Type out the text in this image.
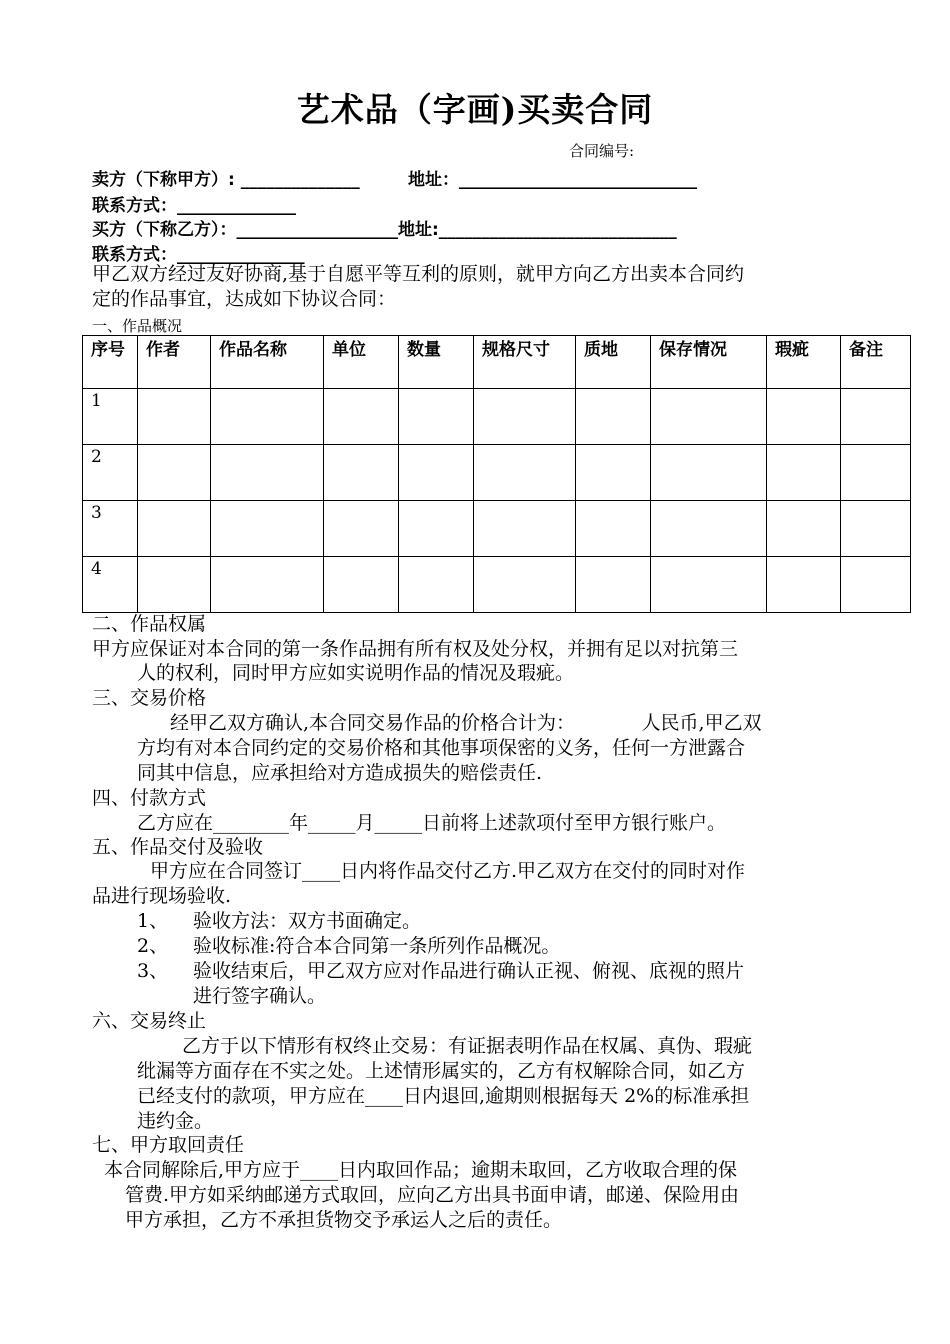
艺术品（字画)买卖合同
合同编号:
卖方（下称甲方）: ______________	地址：____________________________
联系方式：______________
买方（下称乙方）：___________________地址:____________________________
联系方式：_______________
甲乙双方经过友好协商,基于自愿平等互利的原则，就甲方向乙方出卖本合同约
定的作品事宜，达成如下协议合同：
一、作品概况
序号	作者	作品名称	单位	数量	规格尺寸	质地	保存情况	瑕疵	备注
1									
2									
3									
4									
二、作品权属
甲方应保证对本合同的第一条作品拥有所有权及处分权，并拥有足以对抗第三
人的权利，同时甲方应如实说明作品的情况及瑕疵。
三、交易价格
经甲乙双方确认,本合同交易作品的价格合计为：　　　　人民币,甲乙双
方均有对本合同约定的交易价格和其他事项保密的义务，任何一方泄露合
同其中信息，应承担给对方造成损失的赔偿责任.
四、付款方式
乙方应在________年_____月_____日前将上述款项付至甲方银行账户。
五、作品交付及验收
甲方应在合同签订____日内将作品交付乙方.甲乙双方在交付的同时对作
品进行现场验收.
1、 验收方法：双方书面确定。
2、 验收标准:符合本合同第一条所列作品概况。
3、 验收结束后，甲乙双方应对作品进行确认正视、俯视、底视的照片
进行签字确认。
六、交易终止
乙方于以下情形有权终止交易：有证据表明作品在权属、真伪、瑕疵
纰漏等方面存在不实之处。上述情形属实的，乙方有权解除合同，如乙方
已经支付的款项，甲方应在____日内退回,逾期则根据每天 2%的标准承担
违约金。
七、甲方取回责任
本合同解除后,甲方应于____日内取回作品；逾期未取回，乙方收取合理的保
管费.甲方如采纳邮递方式取回，应向乙方出具书面申请，邮递、保险用由
甲方承担，乙方不承担货物交予承运人之后的责任。
